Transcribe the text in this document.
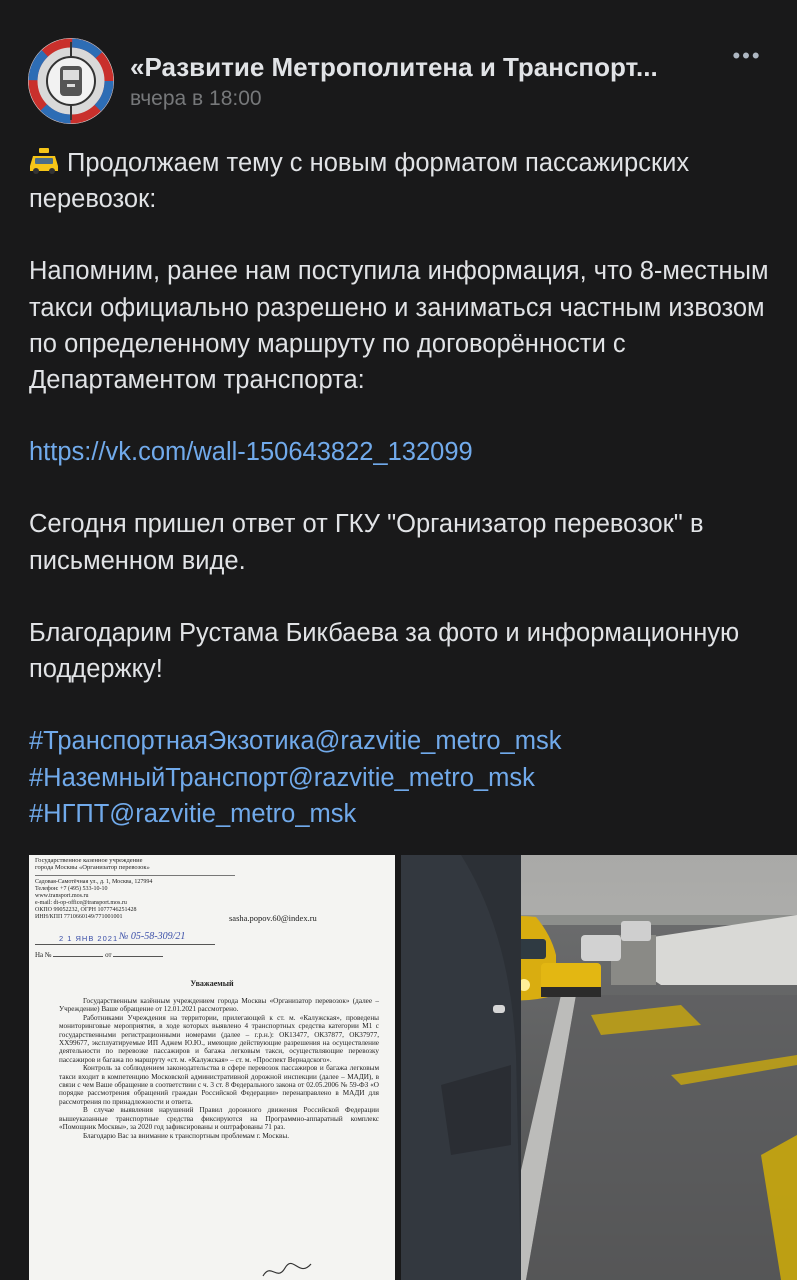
«Развитие Метрополитена и Транспорт...
вчера в 18:00
•••
Продолжаем тему с новым форматом пассажирских перевозок:
Напомним, ранее нам поступила информация, что 8-местным такси официально разрешено и заниматься частным извозом по определенному маршруту по договорённости с Департаментом транспорта:
https://vk.com/wall-150643822_132099
Сегодня пришел ответ от ГКУ "Организатор перевозок" в письменном виде.
Благодарим Рустама Бикбаева за фото и информационную поддержку!
#ТранспортнаяЭкзотика@razvitie_metro_msk
#НаземныйТранспорт@razvitie_metro_msk
#НГПТ@razvitie_metro_msk
Государственное казенное учреждение
города Москвы «Организатор перевозок»
Садовая-Самотёчная ул., д. 1, Москва, 127994
Телефон: +7 (495) 533-10-10
www.transport.mos.ru
e-mail: dt-op-office@transport.mos.ru
ОКПО 99052232, ОГРН 1077746251428
ИНН/КПП 7710660149/771001001	sasha.popov.60@index.ru
2 1 ЯНВ 2021 № 05-58-309/21
На №	от
Уважаемый
Государственным казённым учреждением города Москвы «Организатор перевозок» (далее – Учреждение) Ваше обращение от 12.01.2021 рассмотрено.
Работниками Учреждения на территории, прилегающей к ст. м. «Калужская», проведены мониторинговые мероприятия, в ходе которых выявлено 4 транспортных средства категории M1 с государственными регистрационными номерами (далее – г.р.н.): ОК13477, ОК37877, ОК37977, ХХ99677, эксплуатируемые ИП Аджем Ю.Ю., имеющие действующие разрешения на осуществление деятельности по перевозке пассажиров и багажа легковым такси, осуществляющие перевозку пассажиров и багажа по маршруту «ст. м. «Калужская» – ст. м. «Проспект Вернадского».
Контроль за соблюдением законодательства в сфере перевозок пассажиров и багажа легковым такси входит в компетенцию Московской административной дорожной инспекции (далее – МАДИ), в связи с чем Ваше обращение в соответствии с ч. 3 ст. 8 Федерального закона от 02.05.2006 № 59-ФЗ «О порядке рассмотрения обращений граждан Российской Федерации» перенаправлено в МАДИ для рассмотрения по принадлежности и ответа.
В случае выявления нарушений Правил дорожного движения Российской Федерации вышеуказанные транспортные средства фиксируются на Программно-аппаратный комплекс «Помощник Москвы», за 2020 год зафиксированы и оштрафованы 71 раз.
Благодарю Вас за внимание к транспортным проблемам г. Москвы.
